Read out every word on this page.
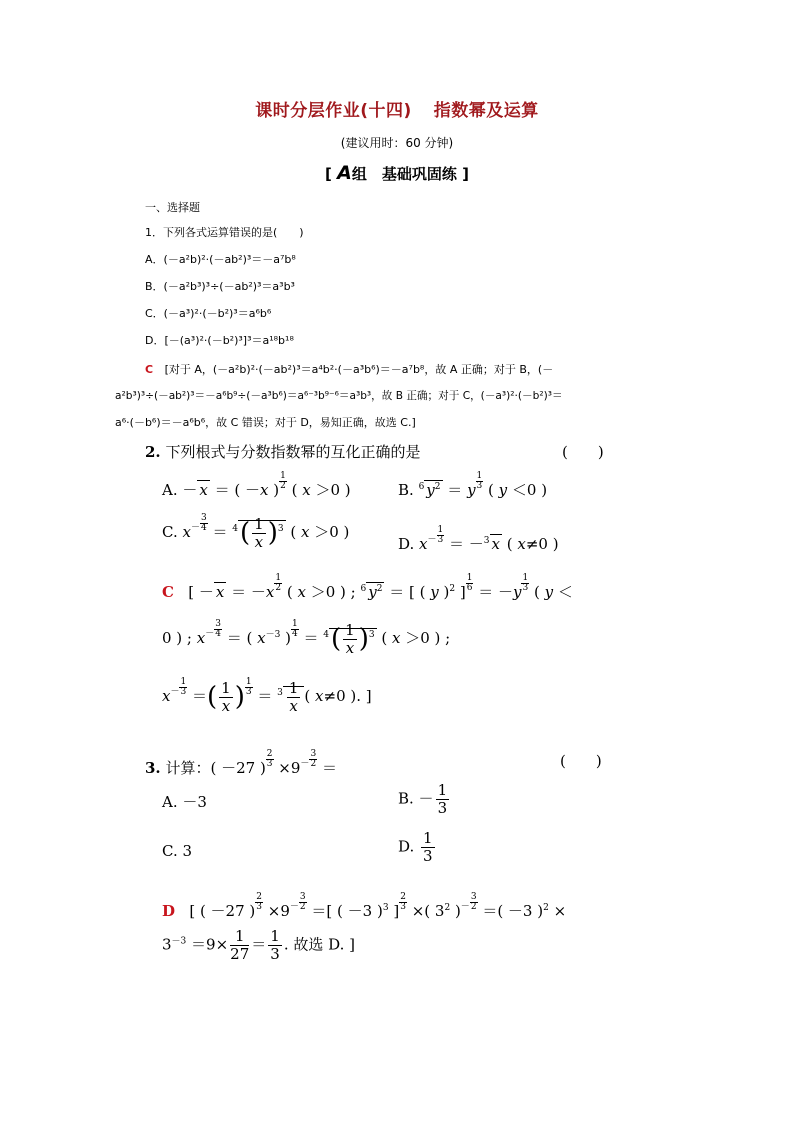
课时分层作业(十四) 指数幂及运算
(建议用时：60 分钟)
[ A组　基础巩固练 ]
一、选择题
1．下列各式运算错误的是(　　)
A．(－a²b)²·(－ab²)³＝－a⁷b⁸
B．(－a²b³)³÷(－ab²)³＝a³b³
C．(－a³)²·(－b²)³＝a⁶b⁶
D．[－(a³)²·(－b²)³]³＝a¹⁸b¹⁸
C [对于 A，(－a²b)²·(－ab²)³＝a⁴b²·(－a³b⁶)＝－a⁷b⁸，故 A 正确；对于 B，(－
a²b³)³÷(－ab²)³＝－a⁶b⁹÷(－a³b⁶)＝a⁶⁻³b⁹⁻⁶＝a³b³，故 B 正确；对于 C，(－a³)²·(－b²)³＝
a⁶·(－b⁶)＝－a⁶b⁶，故 C 错误；对于 D，易知正确，故选 C.]
2. 下列根式与分数指数幂的互化正确的是	(　　)
A. － x ＝ ( －x ) $\frac{1}{2}$ ( x ＞0 )	B. $^6$ $y^2 = y \frac{1}{3}$ ( y ＜0 )
C. $x - \frac{3}{4} = ^4( \frac{1}{x} )^3$ ( x ＞0 )
D. $x - \frac{1}{3} = -^3$ x ( x≠0 )
C   [ － $x = -x \frac{1}{2}$ ( x ＞0 ) ; $^6$ $y^2$ ＝ [ ( y )$^2$ ] $\frac{1}{6} = -y \frac{1}{3}$ ( y ＜
0 ) ; $x - \frac{3}{4}$ ＝ ( $x^{-3}$ ) $\frac{1}{4} = ^4( \frac{1}{x} )^3$ ( x ＞0 ) ;
$x - \frac{1}{3}$ ＝( $\frac{1}{x}$ ) $\frac{1}{3} = ^3 \frac{1}{x}$ ( x≠0 ). ]
3. 计算：( －27 ) $\frac{2}{3} \times 9 - \frac{3}{2}$ ＝	(　　)
A. －3	B. － $\frac{1}{3}$
C. 3	D. $\frac{1}{3}$
D   [ ( －27 ) $\frac{2}{3} \times 9 - \frac{3}{2}$ ＝[ ( －3 )$^3$ ] $\frac{2}{3}$ ×( $3^2$ ) － $\frac{3}{2}$ ＝( －3 )$^2$ ×
$3^{-3} =9\times \frac{1}{27} = \frac{1}{3}$ . 故选 D. ]
